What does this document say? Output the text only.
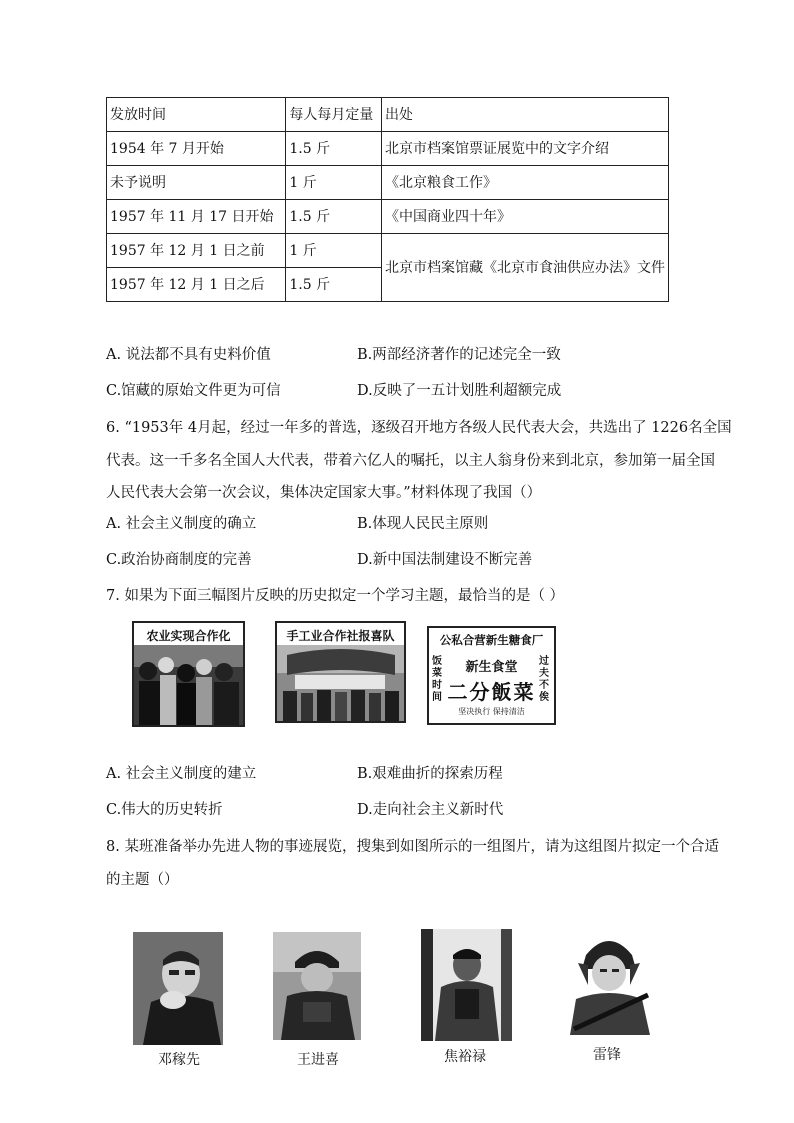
发放时间	每人每月定量	出处
1954 年 7 月开始	1.5 斤	北京市档案馆票证展览中的文字介绍
未予说明	1 斤	《北京粮食工作》
1957 年 11 月 17 日开始	1.5 斤	《中国商业四十年》
1957 年 12 月 1 日之前	1 斤	北京市档案馆藏《北京市食油供应办法》文件
1957 年 12 月 1 日之后	1.5 斤	
A. 说法都不具有史料价值	B.两部经济著作的记述完全一致
C.馆藏的原始文件更为可信	D.反映了一五计划胜利超额完成
6. “1953年 4月起，经过一年多的普选，逐级召开地方各级人民代表大会，共选出了 1226名全国
代表。这一千多名全国人大代表，带着六亿人的嘱托，以主人翁身份来到北京，参加第一届全国
人民代表大会第一次会议，集体决定国家大事。”材料体现了我国（）
A. 社会主义制度的确立	B.体现人民民主原则
C.政治协商制度的完善	D.新中国法制建设不断完善
7. 如果为下面三幅图片反映的历史拟定一个学习主题，最恰当的是（ ）
农业实现合作化	手工业合作社报喜队	公私合营新生糖食厂
新生食堂
二分飯菜
饭菜时间
过夫不俟
坚决执行 保持清洁
A. 社会主义制度的建立	B.艰难曲折的探索历程
C.伟大的历史转折	D.走向社会主义新时代
8. 某班准备举办先进人物的事迹展览，搜集到如图所示的一组图片，请为这组图片拟定一个合适
的主题（）
邓稼先	王进喜	焦裕禄	雷锋
